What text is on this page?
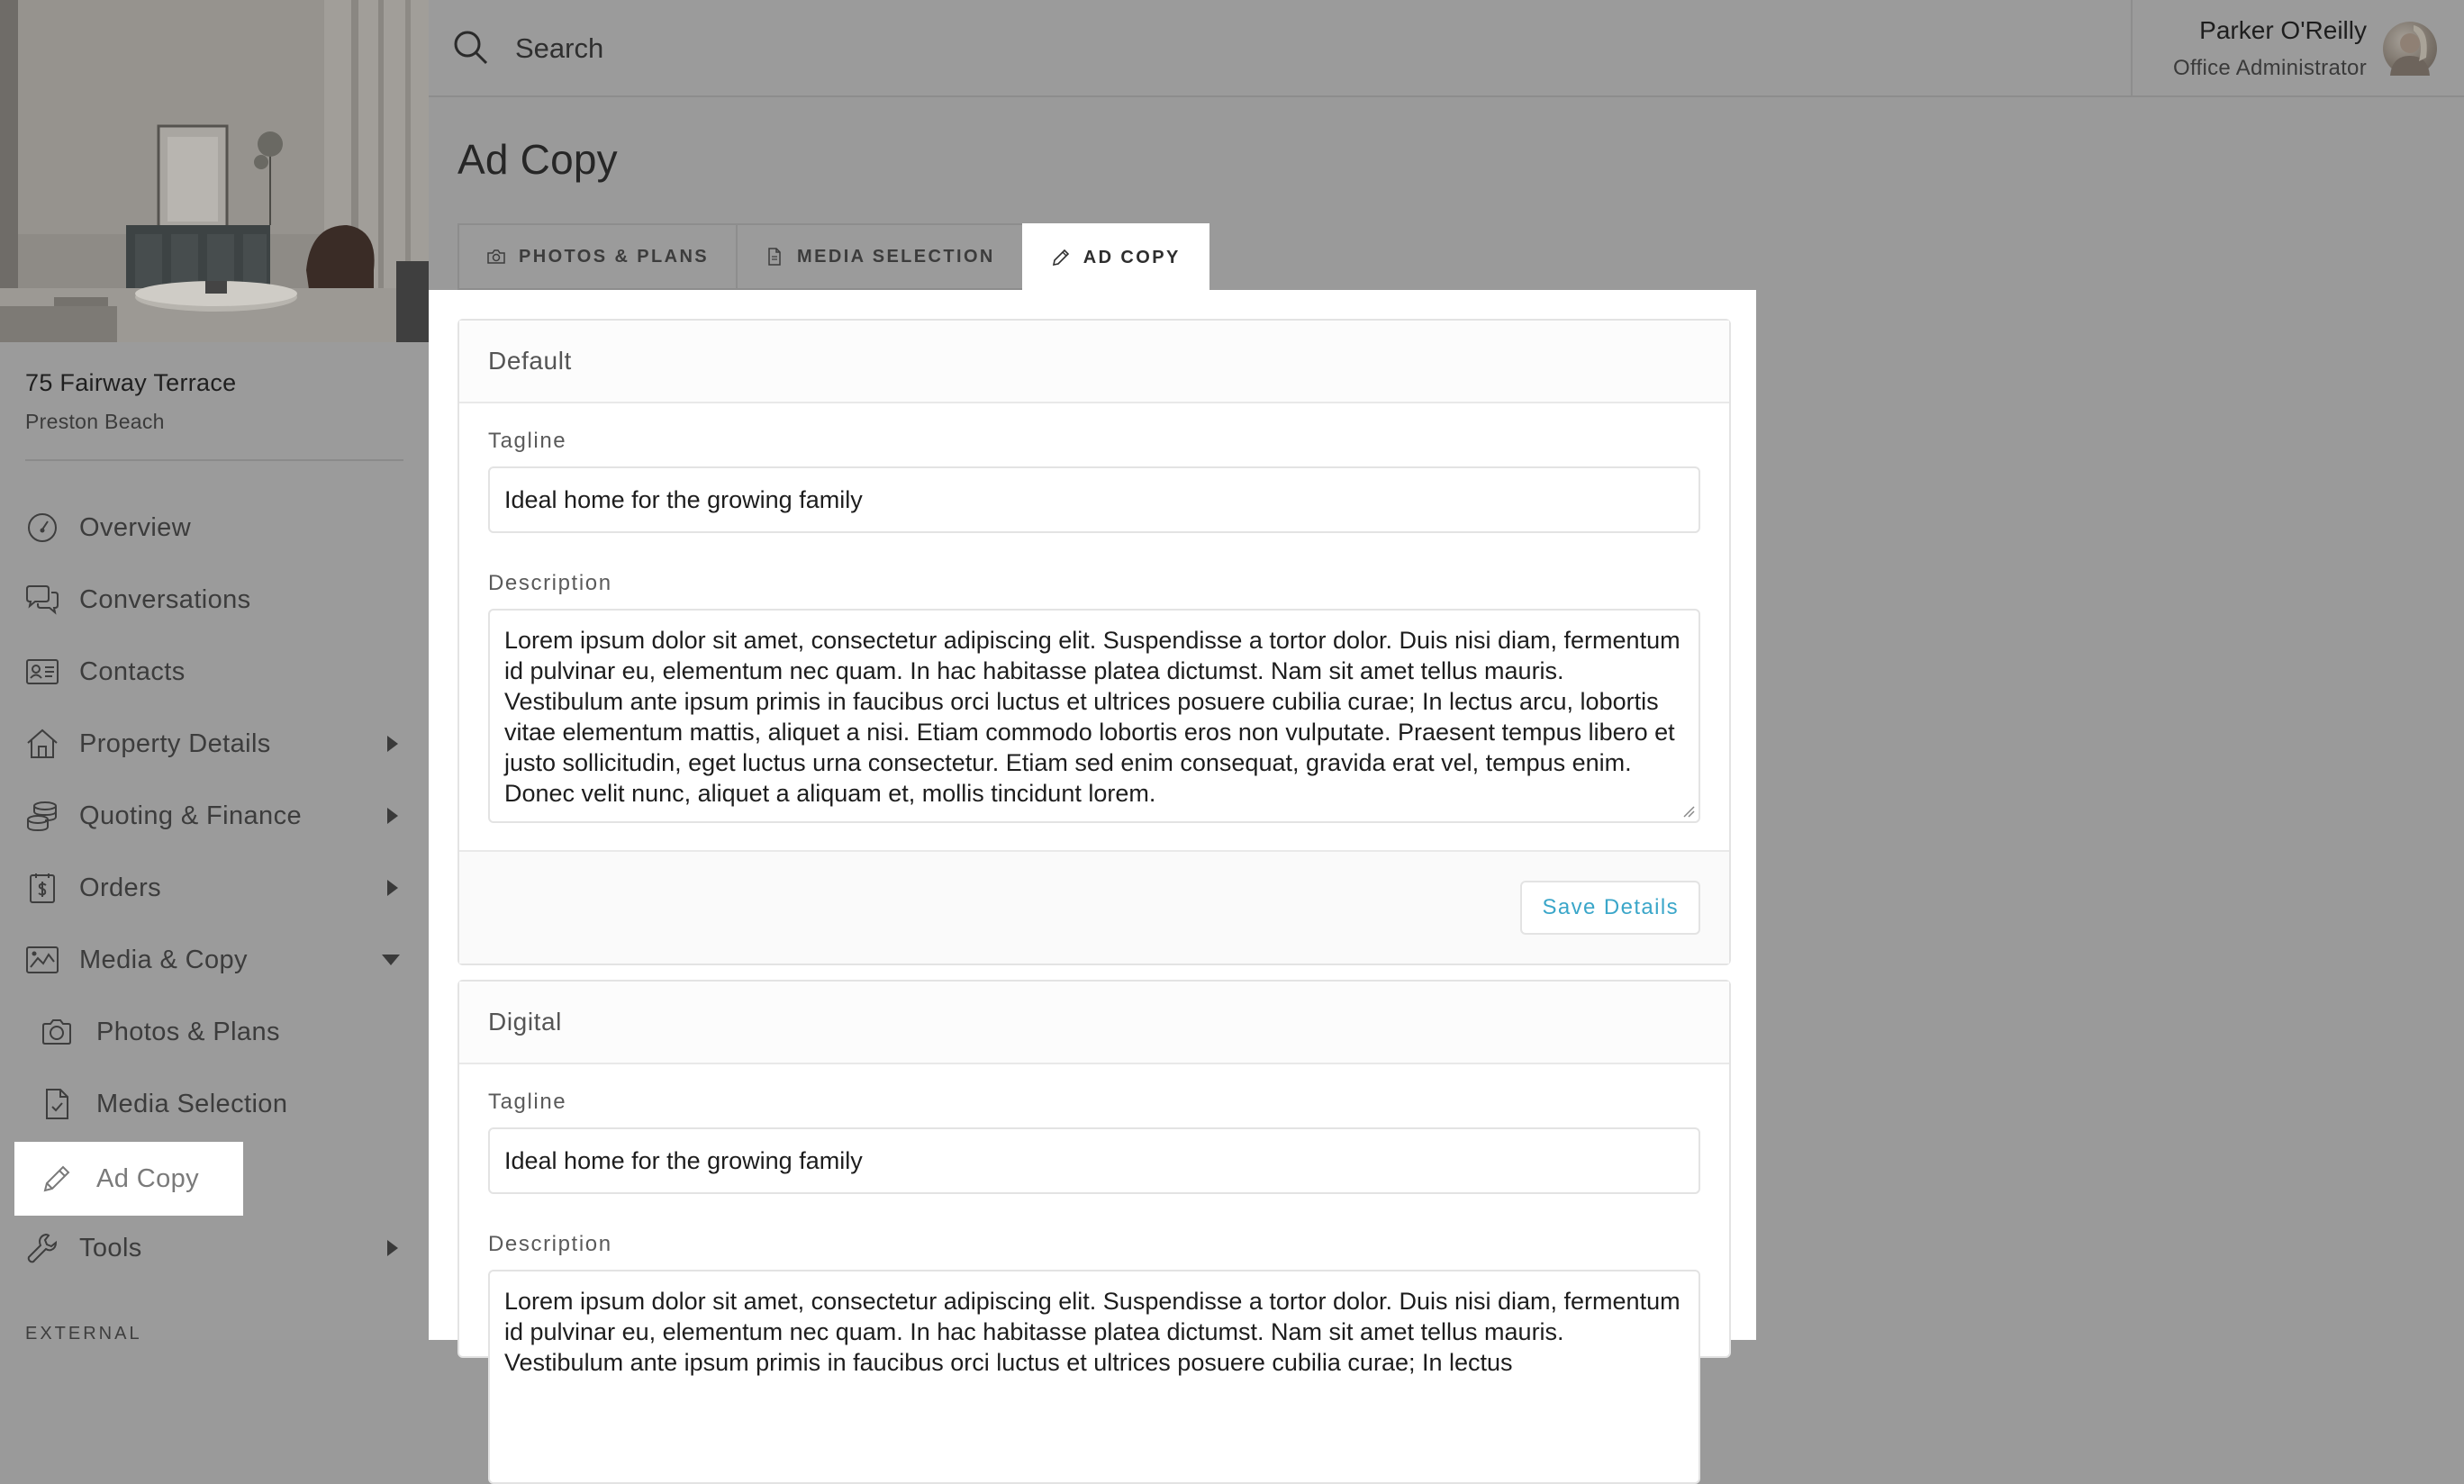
75 Fairway Terrace
Preston Beach
Overview
Conversations
Contacts
Property Details
Quoting & Finance
Orders
Media & Copy
Photos & Plans
Media Selection
Ad Copy
Tools
EXTERNAL
Search
Parker O'Reilly
Office Administrator
Ad Copy
PHOTOS & PLANS	MEDIA SELECTION	AD COPY
Default
Tagline
Ideal home for the growing family
Description
Lorem ipsum dolor sit amet, consectetur adipiscing elit. Suspendisse a tortor dolor. Duis nisi diam, fermentum id pulvinar eu, elementum nec quam. In hac habitasse platea dictumst. Nam sit amet tellus mauris. Vestibulum ante ipsum primis in faucibus orci luctus et ultrices posuere cubilia curae; In lectus arcu, lobortis vitae elementum mattis, aliquet a nisi. Etiam commodo lobortis eros non vulputate. Praesent tempus libero et justo sollicitudin, eget luctus urna consectetur. Etiam sed enim consequat, gravida erat vel, tempus enim. Donec velit nunc, aliquet a aliquam et, mollis tincidunt lorem.
Save Details
Digital
Tagline
Ideal home for the growing family
Description
Lorem ipsum dolor sit amet, consectetur adipiscing elit. Suspendisse a tortor dolor. Duis nisi diam, fermentum id pulvinar eu, elementum nec quam. In hac habitasse platea dictumst. Nam sit amet tellus mauris. Vestibulum ante ipsum primis in faucibus orci luctus et ultrices posuere cubilia curae; In lectus
